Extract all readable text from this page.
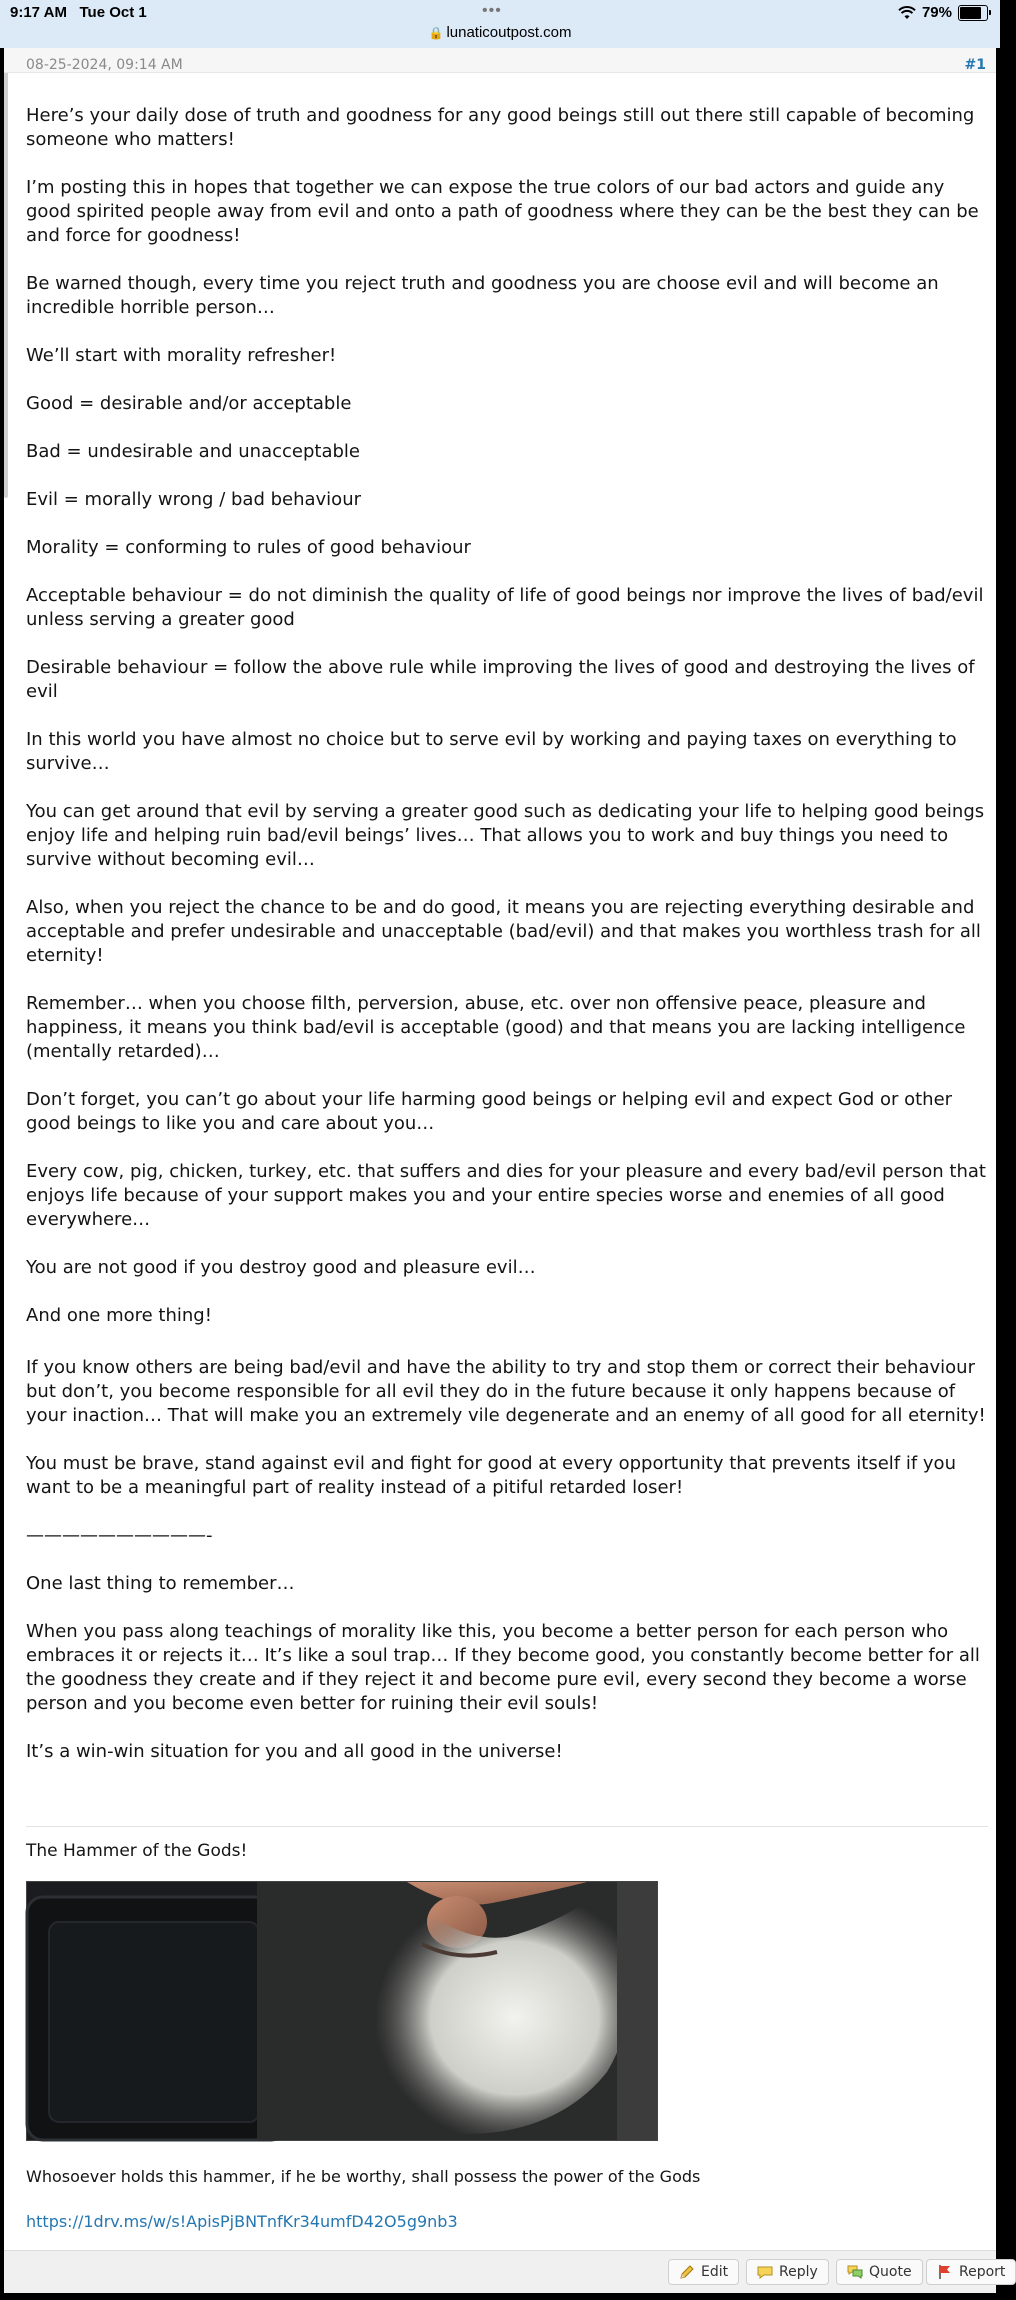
9:17 AM Tue Oct 1	•••
🔒 lunaticoutpost.com
79%
08-25-2024, 09:14 AM	#1

Here’s your daily dose of truth and goodness for any good beings still out there still capable of becoming someone who matters!

I’m posting this in hopes that together we can expose the true colors of our bad actors and guide any good spirited people away from evil and onto a path of goodness where they can be the best they can be and force for goodness!

Be warned though, every time you reject truth and goodness you are choose evil and will become an incredible horrible person…

We’ll start with morality refresher!

Good = desirable and/or acceptable

Bad = undesirable and unacceptable

Evil = morally wrong / bad behaviour

Morality = conforming to rules of good behaviour

Acceptable behaviour = do not diminish the quality of life of good beings nor improve the lives of bad/evil unless serving a greater good

Desirable behaviour = follow the above rule while improving the lives of good and destroying the lives of evil

In this world you have almost no choice but to serve evil by working and paying taxes on everything to survive…

You can get around that evil by serving a greater good such as dedicating your life to helping good beings enjoy life and helping ruin bad/evil beings’ lives… That allows you to work and buy things you need to survive without becoming evil…

Also, when you reject the chance to be and do good, it means you are rejecting everything desirable and acceptable and prefer undesirable and unacceptable (bad/evil) and that makes you worthless trash for all eternity!

Remember… when you choose filth, perversion, abuse, etc. over non offensive peace, pleasure and happiness, it means you think bad/evil is acceptable (good) and that means you are lacking intelligence (mentally retarded)…

Don’t forget, you can’t go about your life harming good beings or helping evil and expect God or other good beings to like you and care about you…

Every cow, pig, chicken, turkey, etc. that suffers and dies for your pleasure and every bad/evil person that enjoys life because of your support makes you and your entire species worse and enemies of all good everywhere…

You are not good if you destroy good and pleasure evil…

And one more thing!

If you know others are being bad/evil and have the ability to try and stop them or correct their behaviour but don’t, you become responsible for all evil they do in the future because it only happens because of your inaction… That will make you an extremely vile degenerate and an enemy of all good for all eternity!

You must be brave, stand against evil and fight for good at every opportunity that prevents itself if you want to be a meaningful part of reality instead of a pitiful retarded loser!

——————————-

One last thing to remember…

When you pass along teachings of morality like this, you become a better person for each person who embraces it or rejects it… It’s like a soul trap… If they become good, you constantly become better for all the goodness they create and if they reject it and become pure evil, every second they become a worse person and you become even better for ruining their evil souls!

It’s a win-win situation for you and all good in the universe!

The Hammer of the Gods!
Whosoever holds this hammer, if he be worthy, shall possess the power of the Gods
https://1drv.ms/w/s!ApisPjBNTnfKr34umfD42O5g9nb3
Edit	Reply	Quote	Report
